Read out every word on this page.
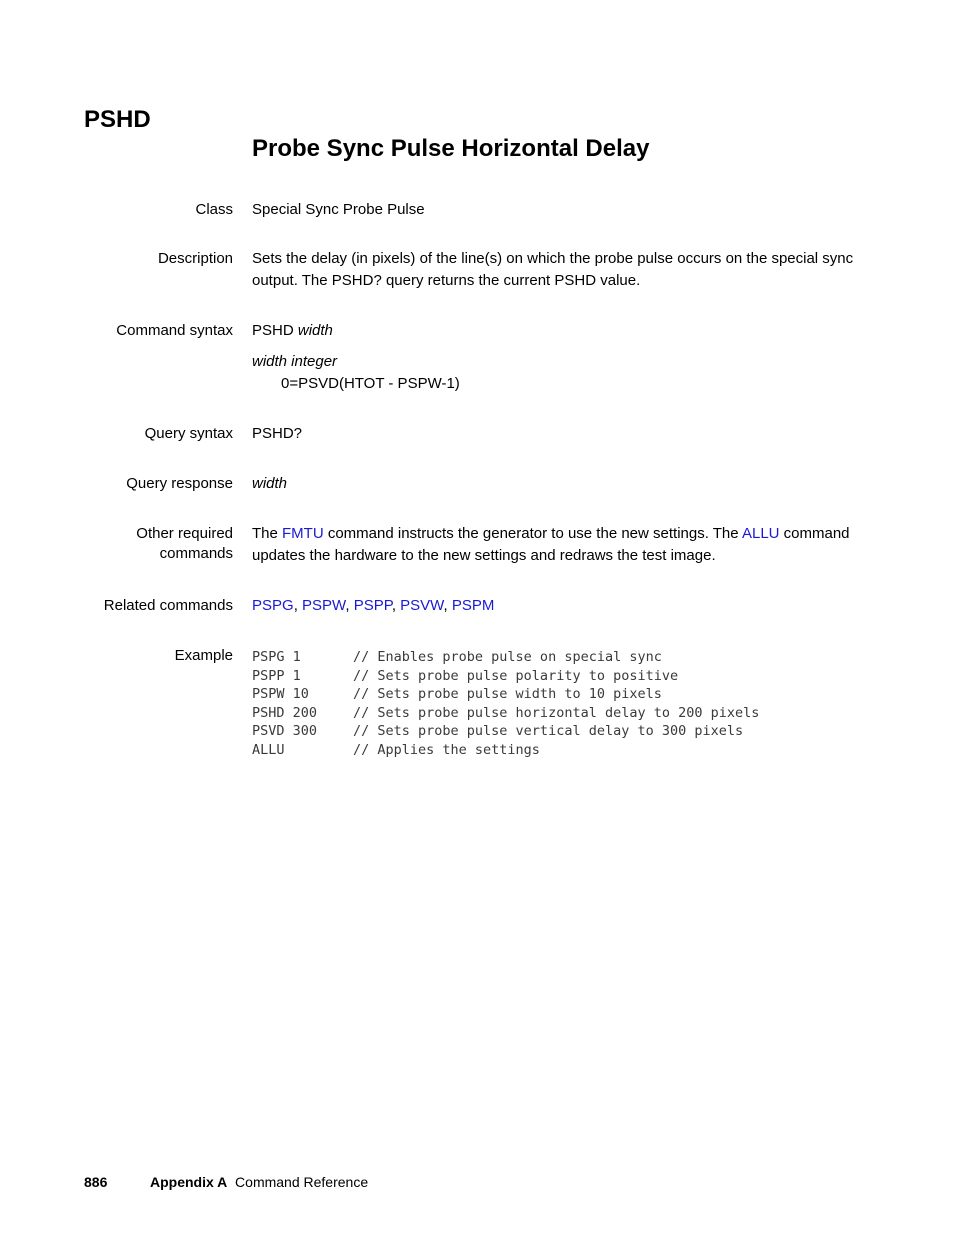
PSHD
Probe Sync Pulse Horizontal Delay
Class Special Sync Probe Pulse
Description Sets the delay (in pixels) of the line(s) on which the probe pulse occurs on the special sync output. The PSHD? query returns the current PSHD value.
Command syntax PSHD width
width integer
0=PSVD(HTOT - PSPW-1)
Query syntax PSHD?
Query response width
Other required
commands
The FMTU command instructs the generator to use the new settings. The ALLU command updates the hardware to the new settings and redraws the test image.
Related commands PSPG, PSPW, PSPP, PSVW, PSPM
Example PSPG 1	// Enables probe pulse on special sync
PSPP 1	// Sets probe pulse polarity to positive
PSPW 10	// Sets probe pulse width to 10 pixels
PSHD 200	// Sets probe pulse horizontal delay to 200 pixels
PSVD 300	// Sets probe pulse vertical delay to 300 pixels
ALLU	// Applies the settings
886	Appendix A Command Reference
